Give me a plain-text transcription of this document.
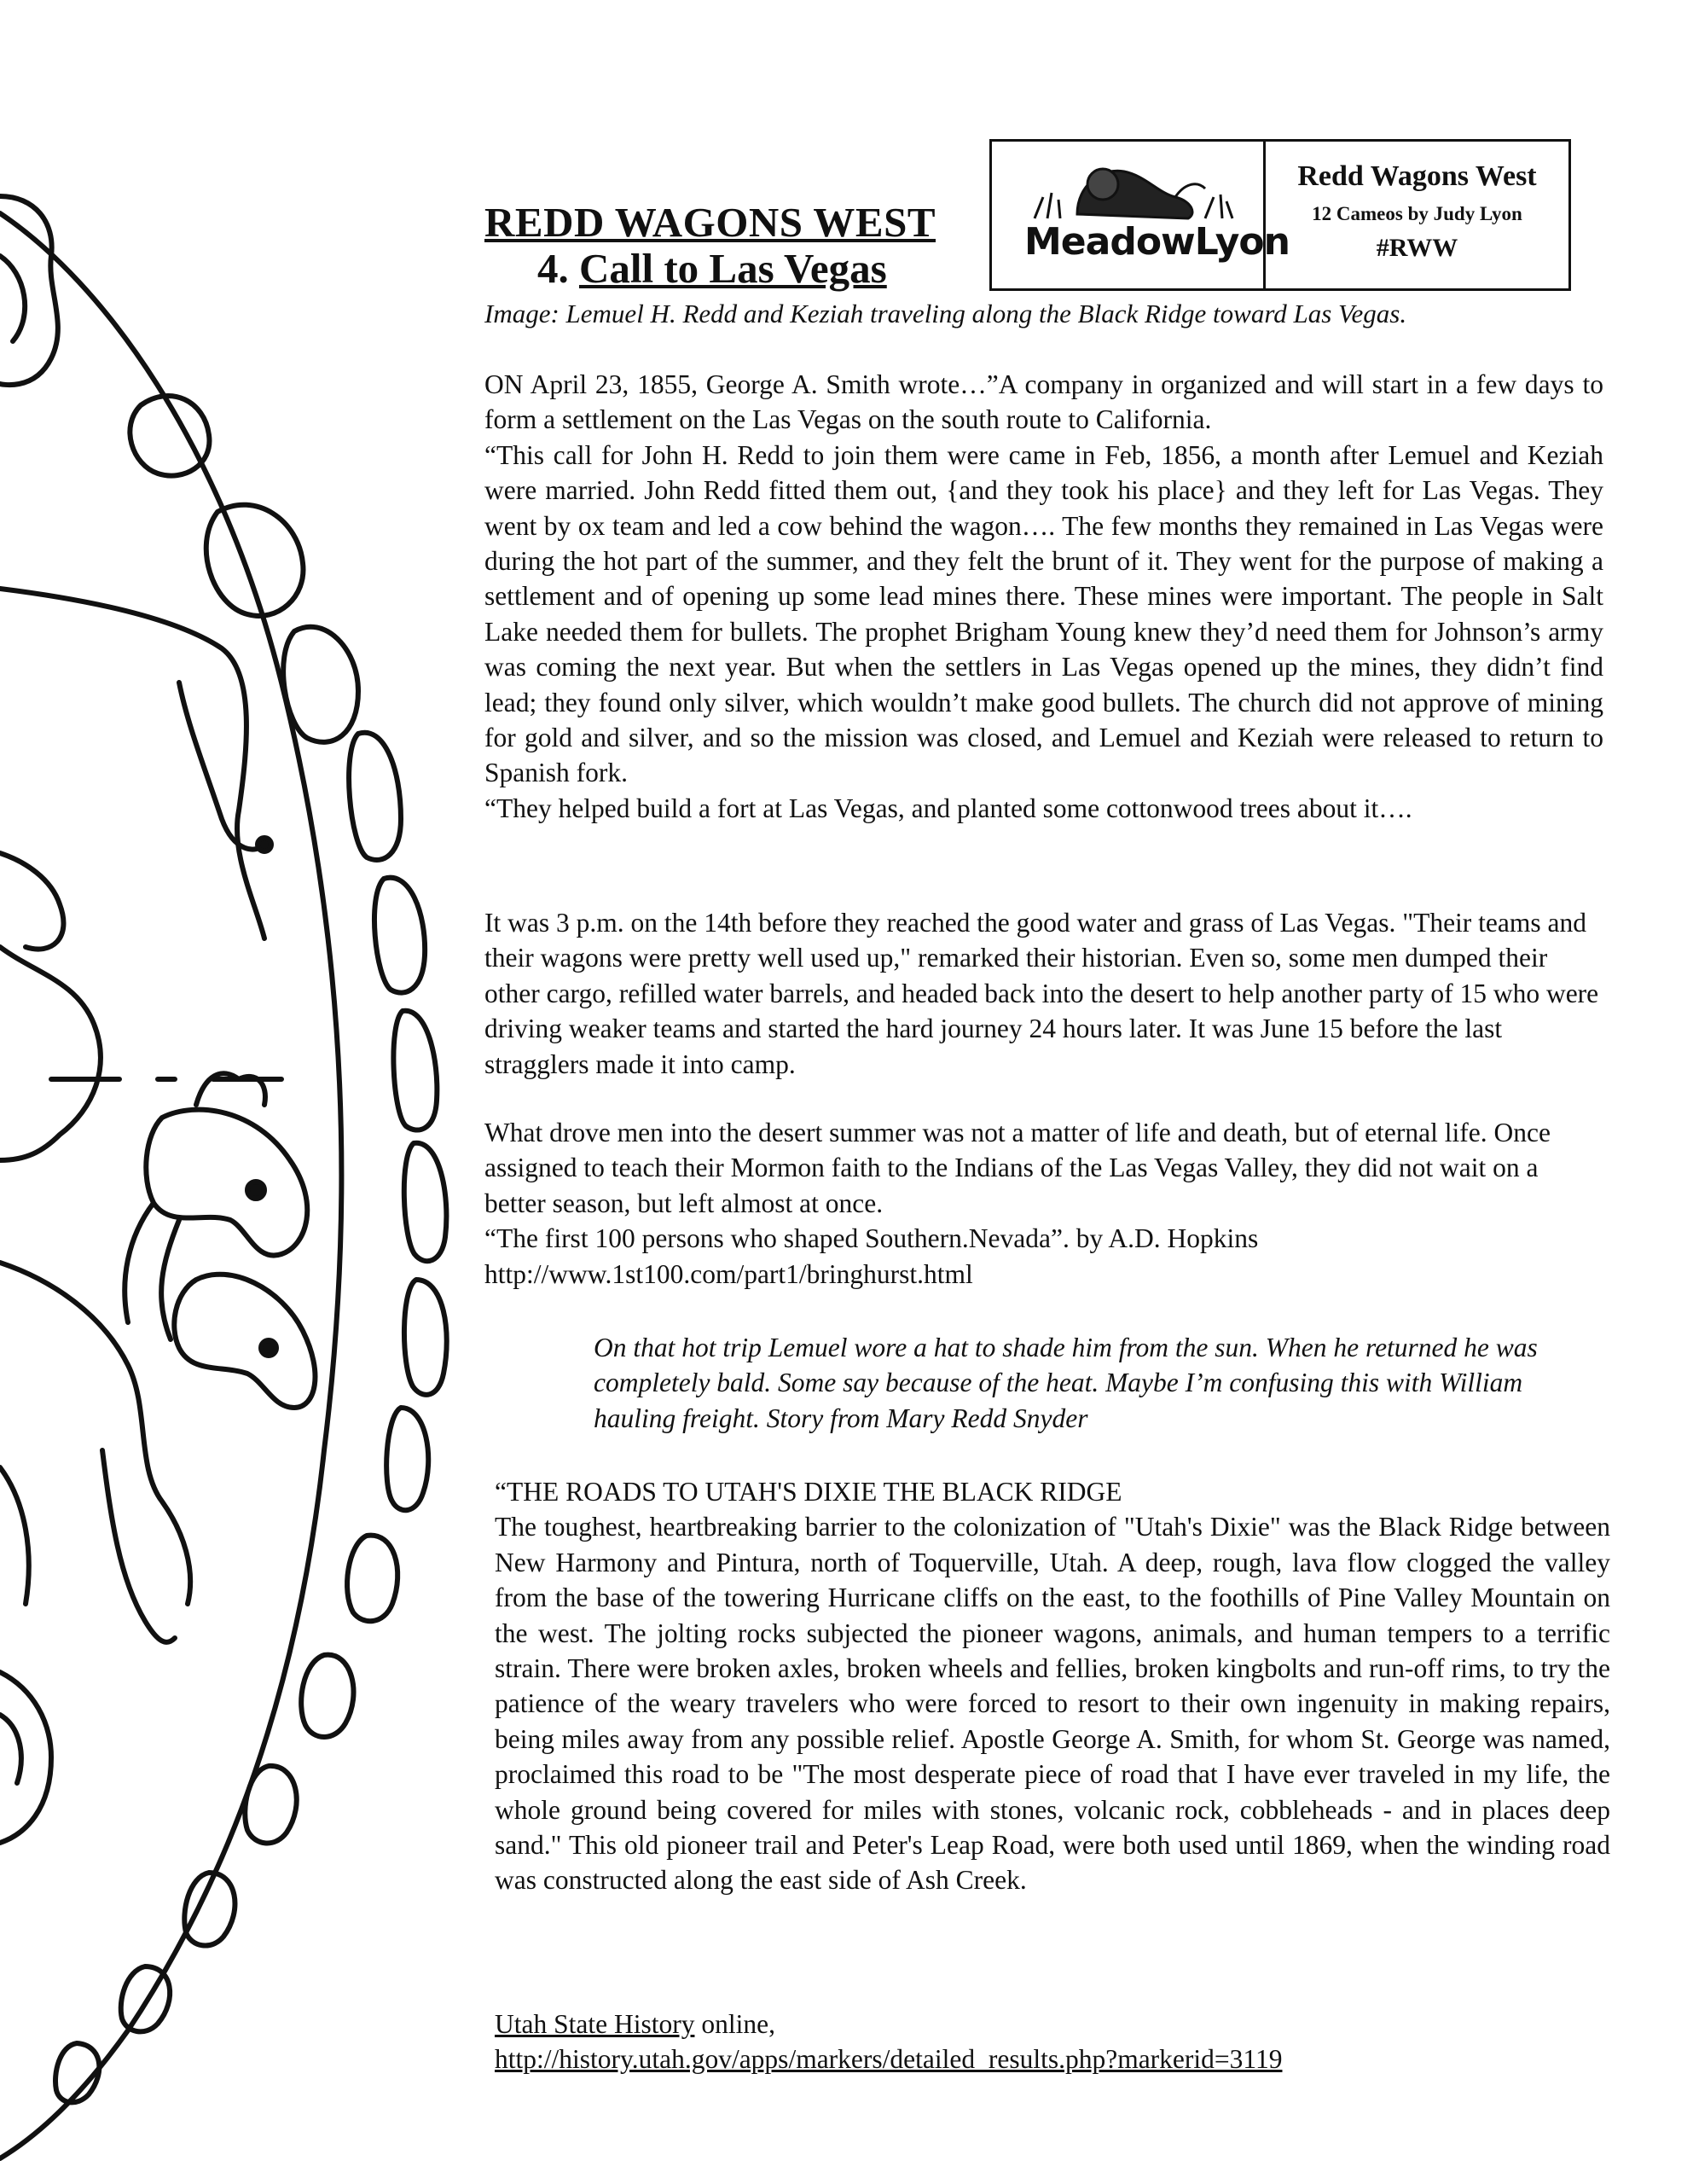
REDD WAGONS WEST
4. Call to Las Vegas
MeadowLyon
Redd Wagons West
12 Cameos by Judy Lyon
#RWW
Image: Lemuel H. Redd and Keziah traveling along the Black Ridge toward Las Vegas.

ON April 23, 1855, George A. Smith wrote…”A company in organized and will start in a few days to form a settlement on the Las Vegas on the south route to California.

“This call for John H. Redd to join them were came in Feb, 1856, a month after Lemuel and Keziah were married. John Redd fitted them out, {and they took his place} and they left for Las Vegas. They went by ox team and led a cow behind the wagon…. The few months they remained in Las Vegas were during the hot part of the summer, and they felt the brunt of it. They went for the purpose of making a settlement and of opening up some lead mines there. These mines were important. The people in Salt Lake needed them for bullets. The prophet Brigham Young knew they’d need them for Johnson’s army was coming the next year. But when the settlers in Las Vegas opened up the mines, they didn’t find lead; they found only silver, which wouldn’t make good bullets. The church did not approve of mining for gold and silver, and so the mission was closed, and Lemuel and Keziah were released to return to Spanish fork.

“They helped build a fort at Las Vegas, and planted some cottonwood trees about it….

It was 3 p.m. on the 14th before they reached the good water and grass of Las Vegas. "Their teams and their wagons were pretty well used up," remarked their historian. Even so, some men dumped their other cargo, refilled water barrels, and headed back into the desert to help another party of 15 who were driving weaker teams and started the hard journey 24 hours later. It was June 15 before the last stragglers made it into camp.

What drove men into the desert summer was not a matter of life and death, but of eternal life. Once assigned to teach their Mormon faith to the Indians of the Las Vegas Valley, they did not wait on a better season, but left almost at once.

“The first 100 persons who shaped Southern.Nevada”. by A.D. Hopkins

http://www.1st100.com/part1/bringhurst.html

On that hot trip Lemuel wore a hat to shade him from the sun. When he returned he was completely bald. Some say because of the heat. Maybe I’m confusing this with William hauling freight. Story from Mary Redd Snyder

“THE ROADS TO UTAH'S DIXIE THE BLACK RIDGE

The toughest, heartbreaking barrier to the colonization of "Utah's Dixie" was the Black Ridge between New Harmony and Pintura, north of Toquerville, Utah. A deep, rough, lava flow clogged the valley from the base of the towering Hurricane cliffs on the east, to the foothills of Pine Valley Mountain on the west. The jolting rocks subjected the pioneer wagons, animals, and human tempers to a terrific strain. There were broken axles, broken wheels and fellies, broken kingbolts and run-off rims, to try the patience of the weary travelers who were forced to resort to their own ingenuity in making repairs, being miles away from any possible relief. Apostle George A. Smith, for whom St. George was named, proclaimed this road to be "The most desperate piece of road that I have ever traveled in my life, the whole ground being covered for miles with stones, volcanic rock, cobbleheads - and in places deep sand." This old pioneer trail and Peter's Leap Road, were both used until 1869, when the winding road was constructed along the east side of Ash Creek.

Utah State History online,
http://history.utah.gov/apps/markers/detailed_results.php?markerid=3119
